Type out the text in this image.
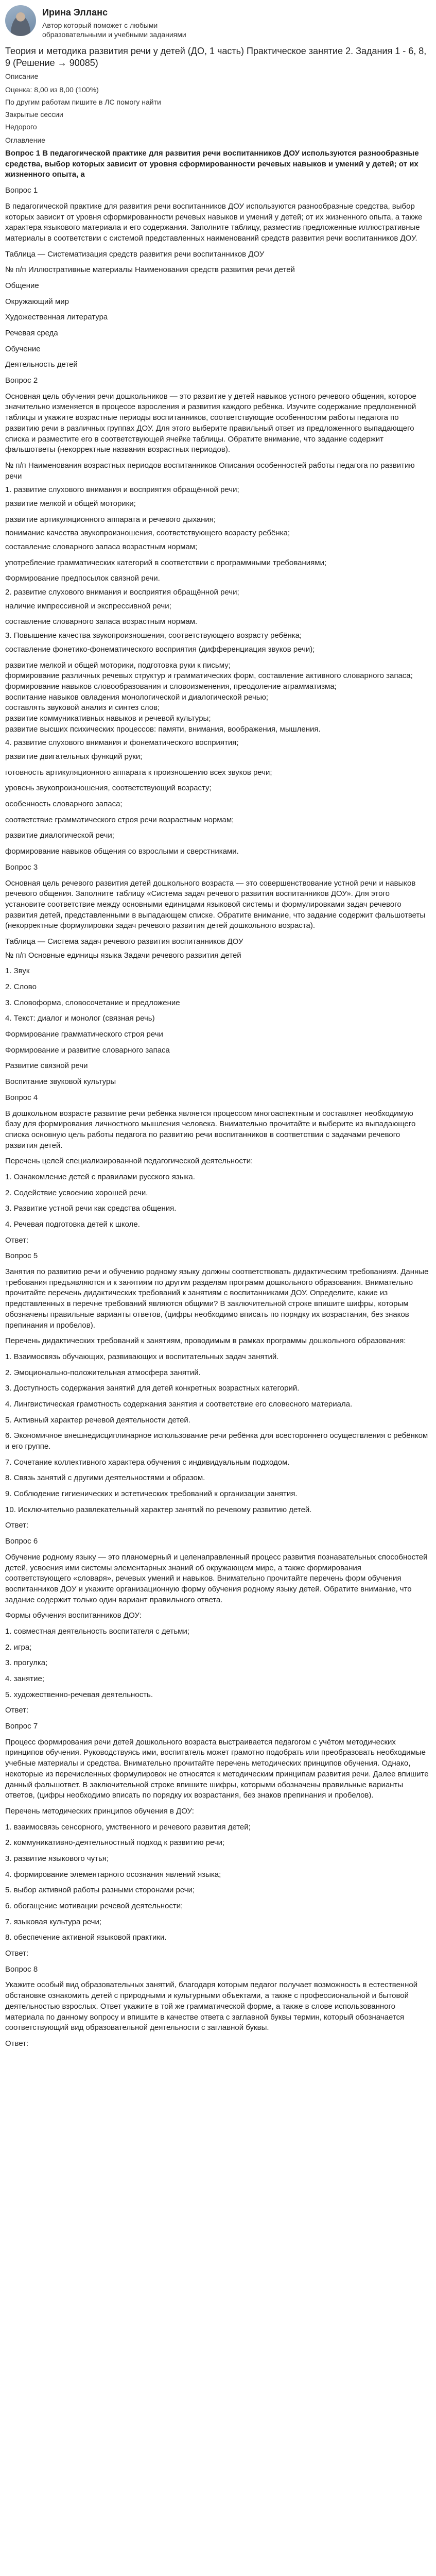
Ирина Элланс
Автор который поможет с любыми образовательными и учебными заданиями
Теория и методика развития речи у детей (ДО, 1 часть) Практическое занятие 2. Задания 1 - 6, 8, 9 (Решение → 90085)
Описание
Оценка: 8,00 из 8,00 (100%)
По другим работам пишите в ЛС помогу найти
Закрытые сессии
Недорого
Оглавление

Вопрос 1 В педагогической практике для развития речи воспитанников ДОУ используются разнообразные средства, выбор которых зависит от уровня сформированности речевых навыков и умений у детей; от их жизненного опыта, а

Вопрос 1

В педагогической практике для развития речи воспитанников ДОУ используются разнообразные средства, выбор которых зависит от уровня сформированности речевых навыков и умений у детей; от их жизненного опыта, а также характера языкового материала и его содержания. Заполните таблицу, разместив предложенные иллюстративные материалы в соответствии с системой представленных наименований средств развития речи воспитанников ДОУ.

Таблица — Систематизация средств развития речи воспитанников ДОУ

№ п/п Иллюстративные материалы Наименования средств развития речи детей

Общение

Окружающий мир

Художественная литература

Речевая среда

Обучение

Деятельность детей

Вопрос 2

Основная цель обучения речи дошкольников — это развитие у детей навыков устного речевого общения, которое значительно изменяется в процессе взросления и развития каждого ребёнка. Изучите содержание предложенной таблицы и укажите возрастные периоды воспитанников, соответствующие особенностям работы педагога по развитию речи в различных группах ДОУ. Для этого выберите правильный ответ из предложенного выпадающего списка и разместите его в соответствующей ячейке таблицы. Обратите внимание, что задание содержит фальшответы (некорректные названия возрастных периодов).

№ п/п Наименования возрастных периодов воспитанников Описания особенностей работы педагога по развитию речи

1. развитие слухового внимания и восприятия обращённой речи;

развитие мелкой и общей моторики;

развитие артикуляционного аппарата и речевого дыхания;

понимание качества звукопроизношения, соответствующего возрасту ребёнка;

составление словарного запаса возрастным нормам;

употребление грамматических категорий в соответствии с программными требованиями;

Формирование предпосылок связной речи.

2. развитие слухового внимания и восприятия обращённой речи;

наличие импрессивной и экспрессивной речи;

составление словарного запаса возрастным нормам.

3. Повышение качества звукопроизношения, соответствующего возрасту ребёнка;

составление фонетико-фонематического восприятия (дифференциация звуков речи);

развитие мелкой и общей моторики, подготовка руки к письму;
формирование различных речевых структур и грамматических форм, составление активного словарного запаса;
формирование навыков словообразования и словоизменения, преодоление аграмматизма;
воспитание навыков овладения монологической и диалогической речью;
составлять звуковой анализ и синтез слов;
развитие коммуникативных навыков и речевой культуры;
развитие высших психических процессов: памяти, внимания, воображения, мышления.

4. развитие слухового внимания и фонематического восприятия;

развитие двигательных функций руки;

готовность артикуляционного аппарата к произношению всех звуков речи;

уровень звукопроизношения, соответствующий возрасту;

особенность словарного запаса;

соответствие грамматического строя речи возрастным нормам;

развитие диалогической речи;

формирование навыков общения со взрослыми и сверстниками.

Вопрос 3

Основная цель речевого развития детей дошкольного возраста — это совершенствование устной речи и навыков речевого общения. Заполните таблицу «Система задач речевого развития воспитанников ДОУ». Для этого установите соответствие между основными единицами языковой системы и формулировками задач речевого развития детей, представленными в выпадающем списке. Обратите внимание, что задание содержит фальшответы (некорректные формулировки задач речевого развития детей дошкольного возраста).

Таблица — Система задач речевого развития воспитанников ДОУ

№ п/п Основные единицы языка Задачи речевого развития детей

1. Звук

2. Слово

3. Словоформа, словосочетание и предложение

4. Текст: диалог и монолог (связная речь)

Формирование грамматического строя речи

Формирование и развитие словарного запаса

Развитие связной речи

Воспитание звуковой культуры

Вопрос 4

В дошкольном возрасте развитие речи ребёнка является процессом многоаспектным и составляет необходимую базу для формирования личностного мышления человека. Внимательно прочитайте и выберите из выпадающего списка основную цель работы педагога по развитию речи воспитанников в соответствии с задачами речевого развития детей.

Перечень целей специализированной педагогической деятельности:

1. Ознакомление детей с правилами русского языка.

2. Содействие усвоению хорошей речи.

3. Развитие устной речи как средства общения.

4. Речевая подготовка детей к школе.

Ответ:

Вопрос 5

Занятия по развитию речи и обучению родному языку должны соответствовать дидактическим требованиям. Данные требования предъявляются и к занятиям по другим разделам программ дошкольного образования. Внимательно прочитайте перечень дидактических требований к занятиям с воспитанниками ДОУ. Определите, какие из представленных в перечне требований являются общими? В заключительной строке впишите шифры, которым обозначены правильные варианты ответов, (цифры необходимо вписать по порядку их возрастания, без знаков препинания и пробелов).

Перечень дидактических требований к занятиям, проводимым в рамках программы дошкольного образования:

1. Взаимосвязь обучающих, развивающих и воспитательных задач занятий.

2. Эмоционально-положительная атмосфера занятий.

3. Доступность содержания занятий для детей конкретных возрастных категорий.

4. Лингвистическая грамотность содержания занятия и соответствие его словесного материала.

5. Активный характер речевой деятельности детей.

6. Экономичное внешнедисциплинарное использование речи ребёнка для всестороннего осуществления с ребёнком и его группе.

7. Сочетание коллективного характера обучения с индивидуальным подходом.

8. Связь занятий с другими деятельностями и образом.

9. Соблюдение гигиенических и эстетических требований к организации занятия.

10. Исключительно развлекательный характер занятий по речевому развитию детей.

Ответ:

Вопрос 6

Обучение родному языку — это планомерный и целенаправленный процесс развития познавательных способностей детей, усвоения ими системы элементарных знаний об окружающем мире, а также формирования соответствующего «словаря», речевых умений и навыков. Внимательно прочитайте перечень форм обучения воспитанников ДОУ и укажите организационную форму обучения родному языку детей. Обратите внимание, что задание содержит только один вариант правильного ответа.

Формы обучения воспитанников ДОУ:

1. совместная деятельность воспитателя с детьми;

2. игра;

3. прогулка;

4. занятие;

5. художественно-речевая деятельность.

Ответ:

Вопрос 7

Процесс формирования речи детей дошкольного возраста выстраивается педагогом с учётом методических принципов обучения. Руководствуясь ими, воспитатель может грамотно подобрать или преобразовать необходимые учебные материалы и средства. Внимательно прочитайте перечень методических принципов обучения. Однако, некоторые из перечисленных формулировок не относятся к методическим принципам развития речи. Далее впишите данный фальшответ. В заключительной строке впишите шифры, которыми обозначены правильные варианты ответов, (цифры необходимо вписать по порядку их возрастания, без знаков препинания и пробелов).

Перечень методических принципов обучения в ДОУ:

1. взаимосвязь сенсорного, умственного и речевого развития детей;

2. коммуникативно-деятельностный подход к развитию речи;

3. развитие языкового чутья;

4. формирование элементарного осознания явлений языка;

5. выбор активной работы разными сторонами речи;

6. обогащение мотивации речевой деятельности;

7. языковая культура речи;

8. обеспечение активной языковой практики.

Ответ:

Вопрос 8

Укажите особый вид образовательных занятий, благодаря которым педагог получает возможность в естественной обстановке ознакомить детей с природными и культурными объектами, а также с профессиональной и бытовой деятельностью взрослых. Ответ укажите в той же грамматической форме, а также в слове использованного материала по данному вопросу и впишите в качестве ответа с заглавной буквы термин, который обозначается соответствующий вид образовательной деятельности с заглавной буквы.

Ответ:
